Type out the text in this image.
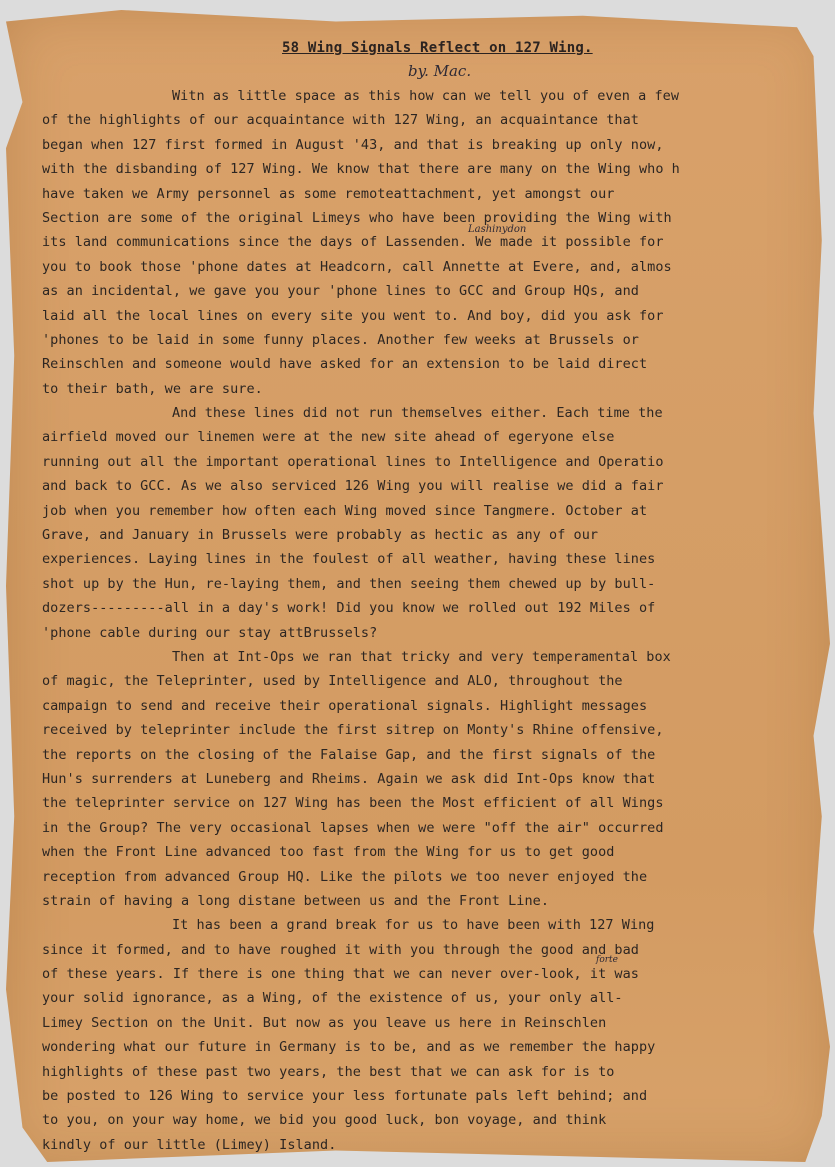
58 Wing Signals Reflect on 127 Wing.
by. Mac.
Lashinydon
forte
Witn as little space as this how can we tell you of even a few
of the highlights of our acquaintance with 127 Wing, an acquaintance that
began when 127 first formed in August '43, and that is breaking up only now,
with the disbanding of 127 Wing. We know that there are many on the Wing who h
have taken we Army personnel as some remoteattachment, yet amongst our
Section are some of the original Limeys who have been providing the Wing with
its land communications since the days of Lassenden. We made it possible for
you to book those 'phone dates at Headcorn, call Annette at Evere, and, almos
as an incidental, we gave you your 'phone lines to GCC and Group HQs, and
laid all the local lines on every site you went to. And boy, did you ask for
'phones to be laid in some funny places. Another few weeks at Brussels or
Reinschlen and someone would have asked for an extension to be laid direct
to their bath, we are sure.
And these lines did not run themselves either. Each time the
airfield moved our linemen were at the new site ahead of egeryone else
running out all the important operational lines to Intelligence and Operatio
and back to GCC. As we also serviced 126 Wing you will realise we did a fair
job when you remember how often each Wing moved since Tangmere. October at
Grave, and January in Brussels were probably as hectic as any of our
experiences. Laying lines in the foulest of all weather, having these lines
shot up by the Hun, re-laying them, and then seeing them chewed up by bull-
dozers---------all in a day's work! Did you know we rolled out 192 Miles of
'phone cable during our stay attBrussels?
Then at Int-Ops we ran that tricky and very temperamental box
of magic, the Teleprinter, used by Intelligence and ALO, throughout the
campaign to send and receive their operational signals. Highlight messages
received by teleprinter include the first sitrep on Monty's Rhine offensive,
the reports on the closing of the Falaise Gap, and the first signals of the
Hun's surrenders at Luneberg and Rheims. Again we ask did Int-Ops know that
the teleprinter service on 127 Wing has been the Most efficient of all Wings
in the Group? The very occasional lapses when we were "off the air" occurred
when the Front Line advanced too fast from the Wing for us to get good
reception from advanced Group HQ. Like the pilots we too never enjoyed the
strain of having a long distane between us and the Front Line.
It has been a grand break for us to have been with 127 Wing
since it formed, and to have roughed it with you through the good and bad
of these years. If there is one thing that we can never over-look, it was
your solid ignorance, as a Wing, of the existence of us, your only all-
Limey Section on the Unit. But now as you leave us here in Reinschlen
wondering what our future in Germany is to be, and as we remember the happy
highlights of these past two years, the best that we can ask for is to
be posted to 126 Wing to service your less fortunate pals left behind; and
to you, on your way home, we bid you good luck, bon voyage, and think
kindly of our little (Limey) Island.
